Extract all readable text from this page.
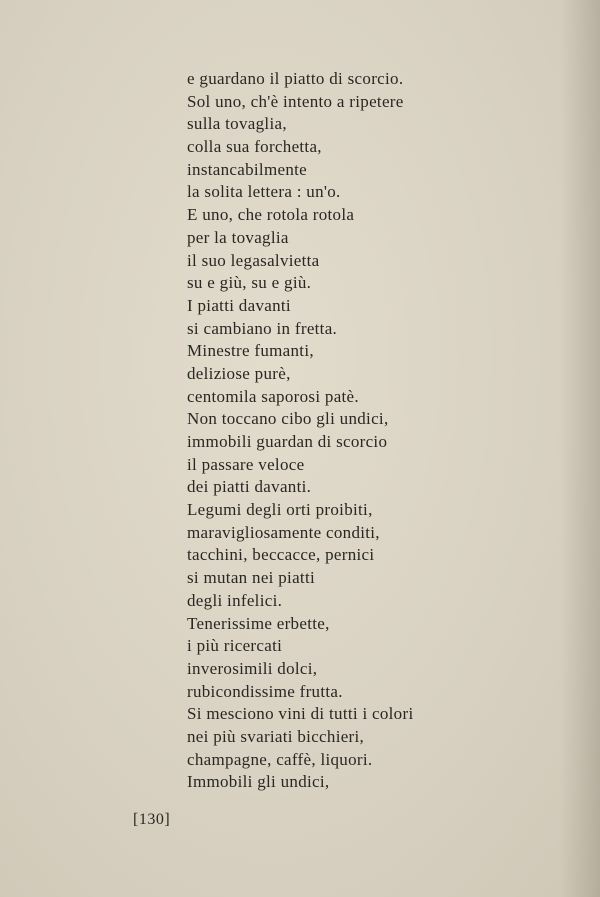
e guardano il piatto di scorcio.
Sol uno, ch'è intento a ripetere
sulla tovaglia,
colla sua forchetta,
instancabilmente
la solita lettera : un'o.
E uno, che rotola rotola
per la tovaglia
il suo legasalvietta
su e giù, su e giù.
I piatti davanti
si cambiano in fretta.
Minestre fumanti,
deliziose purè,
centomila saporosi patè.
Non toccano cibo gli undici,
immobili guardan di scorcio
il passare veloce
dei piatti davanti.
Legumi degli orti proibiti,
maravigliosamente conditi,
tacchini, beccacce, pernici
si mutan nei piatti
degli infelici.
Tenerissime erbette,
i più ricercati
inverosimili dolci,
rubicondissime frutta.
Si mesciono vini di tutti i colori
nei più svariati bicchieri,
champagne, caffè, liquori.
Immobili gli undici,
[130]
